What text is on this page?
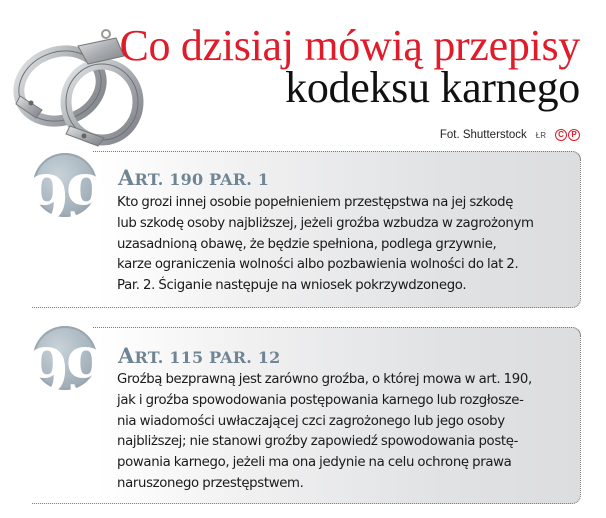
Co dzisiaj mówią przepisy
kodeksu karnego
Fot. Shutterstock ŁR	C P
ART. 190 PAR. 1

Kto grozi innej osobie popełnieniem przestępstwa na jej szkodę
lub szkodę osoby najbliższej, jeżeli groźba wzbudza w zagrożonym
uzasadnioną obawę, że będzie spełniona, podlega grzywnie,
karze ograniczenia wolności albo pozbawienia wolności do lat 2.
Par. 2. Ściganie następuje na wniosek pokrzywdzonego.

99
ART. 115 PAR. 12

Groźbą bezprawną jest zarówno groźba, o której mowa w art. 190,
jak i groźba spowodowania postępowania karnego lub rozgłosze-
nia wiadomości uwłaczającej czci zagrożonego lub jego osoby
najbliższej; nie stanowi groźby zapowiedź spowodowania postę-
powania karnego, jeżeli ma ona jedynie na celu ochronę prawa
naruszonego przestępstwem.

99
